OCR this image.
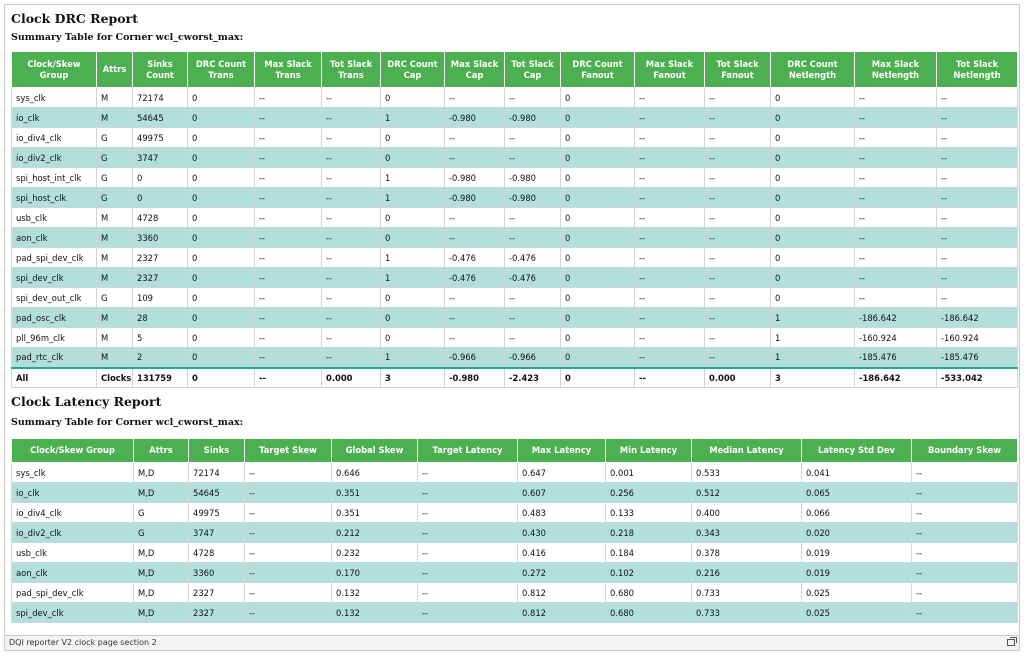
Clock DRC Report
Summary Table for Corner wcl_cworst_max:
Clock/Skew Group	Attrs	Sinks Count	DRC Count Trans	Max Slack Trans	Tot Slack Trans	DRC Count Cap	Max Slack Cap	Tot Slack Cap	DRC Count Fanout	Max Slack Fanout	Tot Slack Fanout	DRC Count Netlength	Max Slack Netlength	Tot Slack Netlength
sys_clk	M	72174	0	--	--	0	--	--	0	--	--	0	--	--
io_clk	M	54645	0	--	--	1	-0.980	-0.980	0	--	--	0	--	--
io_div4_clk	G	49975	0	--	--	0	--	--	0	--	--	0	--	--
io_div2_clk	G	3747	0	--	--	0	--	--	0	--	--	0	--	--
spi_host_int_clk	G	0	0	--	--	1	-0.980	-0.980	0	--	--	0	--	--
spi_host_clk	G	0	0	--	--	1	-0.980	-0.980	0	--	--	0	--	--
usb_clk	M	4728	0	--	--	0	--	--	0	--	--	0	--	--
aon_clk	M	3360	0	--	--	0	--	--	0	--	--	0	--	--
pad_spi_dev_clk	M	2327	0	--	--	1	-0.476	-0.476	0	--	--	0	--	--
spi_dev_clk	M	2327	0	--	--	1	-0.476	-0.476	0	--	--	0	--	--
spi_dev_out_clk	G	109	0	--	--	0	--	--	0	--	--	0	--	--
pad_osc_clk	M	28	0	--	--	0	--	--	0	--	--	1	-186.642	-186.642
pll_96m_clk	M	5	0	--	--	0	--	--	0	--	--	1	-160.924	-160.924
pad_rtc_clk	M	2	0	--	--	1	-0.966	-0.966	0	--	--	1	-185.476	-185.476
All	Clocks	131759	0	--	0.000	3	-0.980	-2.423	0	--	0.000	3	-186.642	-533.042
Clock Latency Report
Summary Table for Corner wcl_cworst_max:
Clock/Skew Group	Attrs	Sinks	Target Skew	Global Skew	Target Latency	Max Latency	Min Latency	Median Latency	Latency Std Dev	Boundary Skew
sys_clk	M,D	72174	--	0.646	--	0.647	0.001	0.533	0.041	--
io_clk	M,D	54645	--	0.351	--	0.607	0.256	0.512	0.065	--
io_div4_clk	G	49975	--	0.351	--	0.483	0.133	0.400	0.066	--
io_div2_clk	G	3747	--	0.212	--	0.430	0.218	0.343	0.020	--
usb_clk	M,D	4728	--	0.232	--	0.416	0.184	0.378	0.019	--
aon_clk	M,D	3360	--	0.170	--	0.272	0.102	0.216	0.019	--
pad_spi_dev_clk	M,D	2327	--	0.132	--	0.812	0.680	0.733	0.025	--
spi_dev_clk	M,D	2327	--	0.132	--	0.812	0.680	0.733	0.025	--
DQI reporter V2 clock page section 2
